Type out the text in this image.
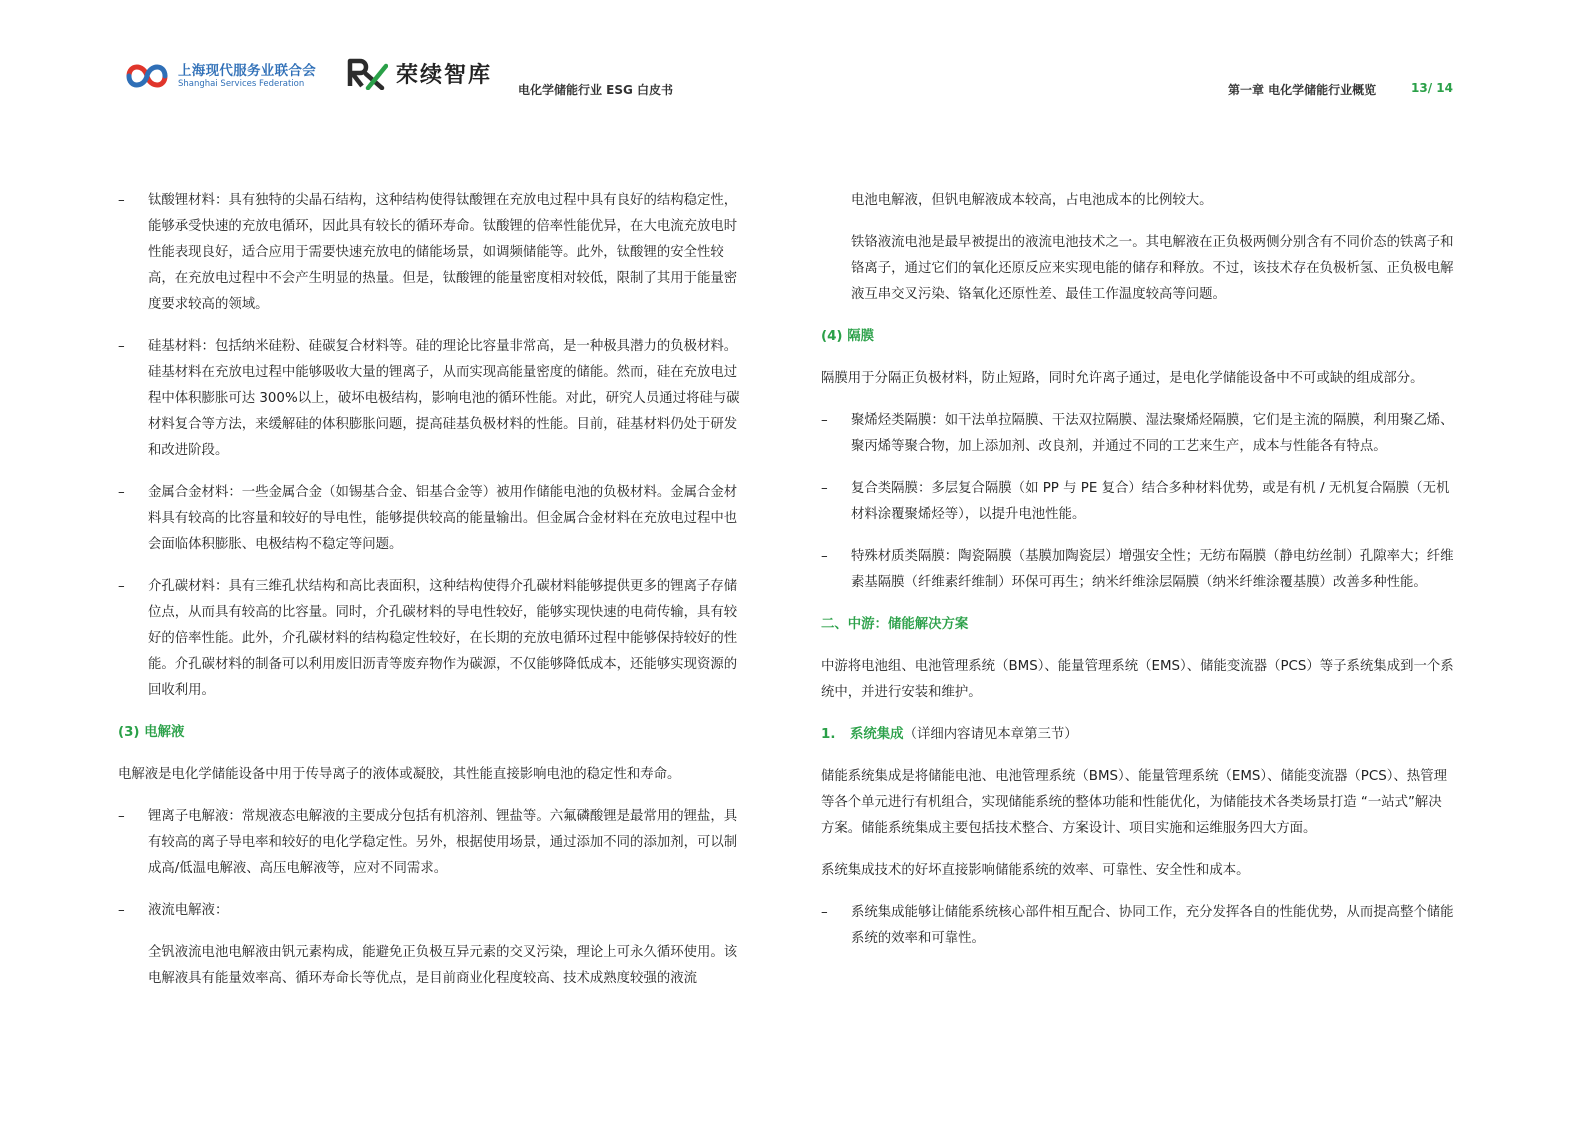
上海现代服务业联合会
Shanghai Services Federation	荣续智库
电化学储能行业 ESG 白皮书	第一章 电化学储能行业概览	13/ 14
– 钛酸锂材料：具有独特的尖晶石结构，这种结构使得钛酸锂在充放电过程中具有良好的结构稳定性，能够承受快速的充放电循环，因此具有较长的循环寿命。钛酸锂的倍率性能优异，在大电流充放电时性能表现良好，适合应用于需要快速充放电的储能场景，如调频储能等。此外，钛酸锂的安全性较高，在充放电过程中不会产生明显的热量。但是，钛酸锂的能量密度相对较低，限制了其用于能量密度要求较高的领域。
– 硅基材料：包括纳米硅粉、硅碳复合材料等。硅的理论比容量非常高，是一种极具潜力的负极材料。硅基材料在充放电过程中能够吸收大量的锂离子，从而实现高能量密度的储能。然而，硅在充放电过程中体积膨胀可达 300%以上，破坏电极结构，影响电池的循环性能。对此，研究人员通过将硅与碳材料复合等方法，来缓解硅的体积膨胀问题，提高硅基负极材料的性能。目前，硅基材料仍处于研发和改进阶段。
– 金属合金材料：一些金属合金（如锡基合金、铝基合金等）被用作储能电池的负极材料。金属合金材料具有较高的比容量和较好的导电性，能够提供较高的能量输出。但金属合金材料在充放电过程中也会面临体积膨胀、电极结构不稳定等问题。
– 介孔碳材料：具有三维孔状结构和高比表面积，这种结构使得介孔碳材料能够提供更多的锂离子存储位点，从而具有较高的比容量。同时，介孔碳材料的导电性较好，能够实现快速的电荷传输，具有较好的倍率性能。此外，介孔碳材料的结构稳定性较好，在长期的充放电循环过程中能够保持较好的性能。介孔碳材料的制备可以利用废旧沥青等废弃物作为碳源，不仅能够降低成本，还能够实现资源的回收利用。
(3) 电解液
电解液是电化学储能设备中用于传导离子的液体或凝胶，其性能直接影响电池的稳定性和寿命。
– 锂离子电解液：常规液态电解液的主要成分包括有机溶剂、锂盐等。六氟磷酸锂是最常用的锂盐，具有较高的离子导电率和较好的电化学稳定性。另外，根据使用场景，通过添加不同的添加剂，可以制成高/低温电解液、高压电解液等，应对不同需求。
– 液流电解液：
全钒液流电池电解液由钒元素构成，能避免正负极互异元素的交叉污染，理论上可永久循环使用。该电解液具有能量效率高、循环寿命长等优点，是目前商业化程度较高、技术成熟度较强的液流
电池电解液，但钒电解液成本较高，占电池成本的比例较大。
铁铬液流电池是最早被提出的液流电池技术之一。其电解液在正负极两侧分别含有不同价态的铁离子和铬离子，通过它们的氧化还原反应来实现电能的储存和释放。不过，该技术存在负极析氢、正负极电解液互串交叉污染、铬氧化还原性差、最佳工作温度较高等问题。
(4) 隔膜
隔膜用于分隔正负极材料，防止短路，同时允许离子通过，是电化学储能设备中不可或缺的组成部分。
– 聚烯烃类隔膜：如干法单拉隔膜、干法双拉隔膜、湿法聚烯烃隔膜，它们是主流的隔膜，利用聚乙烯、聚丙烯等聚合物，加上添加剂、改良剂，并通过不同的工艺来生产，成本与性能各有特点。
– 复合类隔膜：多层复合隔膜（如 PP 与 PE 复合）结合多种材料优势，或是有机 / 无机复合隔膜（无机材料涂覆聚烯烃等），以提升电池性能。
– 特殊材质类隔膜：陶瓷隔膜（基膜加陶瓷层）增强安全性；无纺布隔膜（静电纺丝制）孔隙率大；纤维素基隔膜（纤维素纤维制）环保可再生；纳米纤维涂层隔膜（纳米纤维涂覆基膜）改善多种性能。
二、中游：储能解决方案
中游将电池组、电池管理系统（BMS）、能量管理系统（EMS）、储能变流器（PCS）等子系统集成到一个系统中，并进行安装和维护。
1. 系统集成（详细内容请见本章第三节）
储能系统集成是将储能电池、电池管理系统（BMS）、能量管理系统（EMS）、储能变流器（PCS）、热管理等各个单元进行有机组合，实现储能系统的整体功能和性能优化，为储能技术各类场景打造 “一站式”解决方案。储能系统集成主要包括技术整合、方案设计、项目实施和运维服务四大方面。
系统集成技术的好坏直接影响储能系统的效率、可靠性、安全性和成本。
– 系统集成能够让储能系统核心部件相互配合、协同工作，充分发挥各自的性能优势，从而提高整个储能系统的效率和可靠性。
